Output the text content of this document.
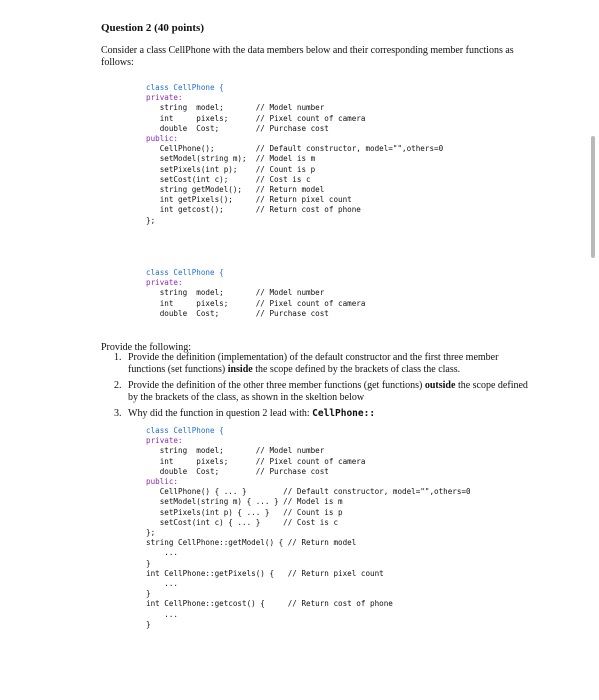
Question 2 (40 points)
Consider a class CellPhone with the data members below and their corresponding member functions as follows:
class CellPhone {
private:
string  model;       // Model number
int     pixels;      // Pixel count of camera
double  Cost;        // Purchase cost
public:
CellPhone();         // Default constructor, model="",others=0
setModel(string m);  // Model is m
setPixels(int p);    // Count is p
setCost(int c);      // Cost is c
string getModel();   // Return model
int getPixels();     // Return pixel count
int getcost();       // Return cost of phone
};
class CellPhone {
private:
string  model;       // Model number
int     pixels;      // Pixel count of camera
double  Cost;        // Purchase cost
Provide the following:
1. Provide the definition (implementation) of the default constructor and the first three member functions (set functions) inside the scope defined by the brackets of class the class.
2. Provide the definition of the other three member functions (get functions) outside the scope defined by the brackets of the class, as shown in the skeltion below
3. Why did the function in question 2 lead with: CellPhone::
class CellPhone {
private:
string  model;       // Model number
int     pixels;      // Pixel count of camera
double  Cost;        // Purchase cost
public:
CellPhone() { ... }        // Default constructor, model="",others=0
setModel(string m) { ... } // Model is m
setPixels(int p) { ... }   // Count is p
setCost(int c) { ... }     // Cost is c
};
string CellPhone::getModel() { // Return model
...
}
int CellPhone::getPixels() {   // Return pixel count
...
}
int CellPhone::getcost() {     // Return cost of phone
...
}
